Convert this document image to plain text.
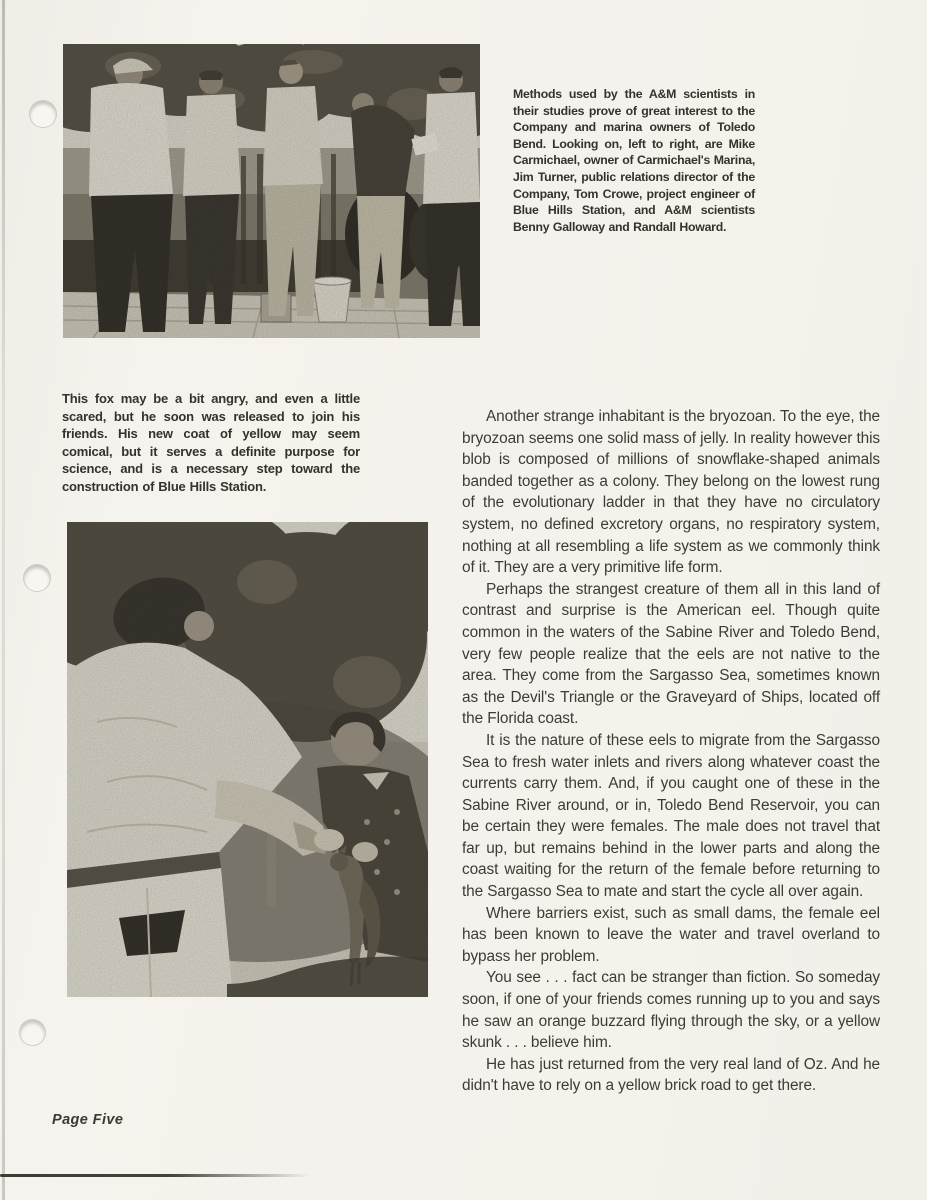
Methods used by the A&M scientists in their studies prove of great interest to the Company and marina owners of Toledo Bend. Looking on, left to right, are Mike Carmichael, owner of Carmichael's Marina, Jim Turner, public relations director of the Company, Tom Crowe, project engineer of Blue Hills Station, and A&M scientists Benny Galloway and Randall Howard.
This fox may be a bit angry, and even a little scared, but he soon was released to join his friends. His new coat of yellow may seem comical, but it serves a definite purpose for science, and is a necessary step toward the construction of Blue Hills Station.

Another strange inhabitant is the bryozoan. To the eye, the bryozoan seems one solid mass of jelly. In reality however this blob is composed of millions of snowflake-shaped animals banded together as a colony. They belong on the lowest rung of the evolutionary ladder in that they have no circulatory system, no defined excretory organs, no respiratory system, nothing at all resembling a life system as we commonly think of it. They are a very primitive life form.

Perhaps the strangest creature of them all in this land of contrast and surprise is the American eel. Though quite common in the waters of the Sabine River and Toledo Bend, very few people realize that the eels are not native to the area. They come from the Sargasso Sea, sometimes known as the Devil's Triangle or the Graveyard of Ships, located off the Florida coast.

It is the nature of these eels to migrate from the Sargasso Sea to fresh water inlets and rivers along whatever coast the currents carry them. And, if you caught one of these in the Sabine River around, or in, Toledo Bend Reservoir, you can be certain they were females. The male does not travel that far up, but remains behind in the lower parts and along the coast waiting for the return of the female before returning to the Sargasso Sea to mate and start the cycle all over again.

Where barriers exist, such as small dams, the female eel has been known to leave the water and travel overland to bypass her problem.

You see . . . fact can be stranger than fiction. So someday soon, if one of your friends comes running up to you and says he saw an orange buzzard flying through the sky, or a yellow skunk . . . believe him.

He has just returned from the very real land of Oz. And he didn't have to rely on a yellow brick road to get there.

Page Five
